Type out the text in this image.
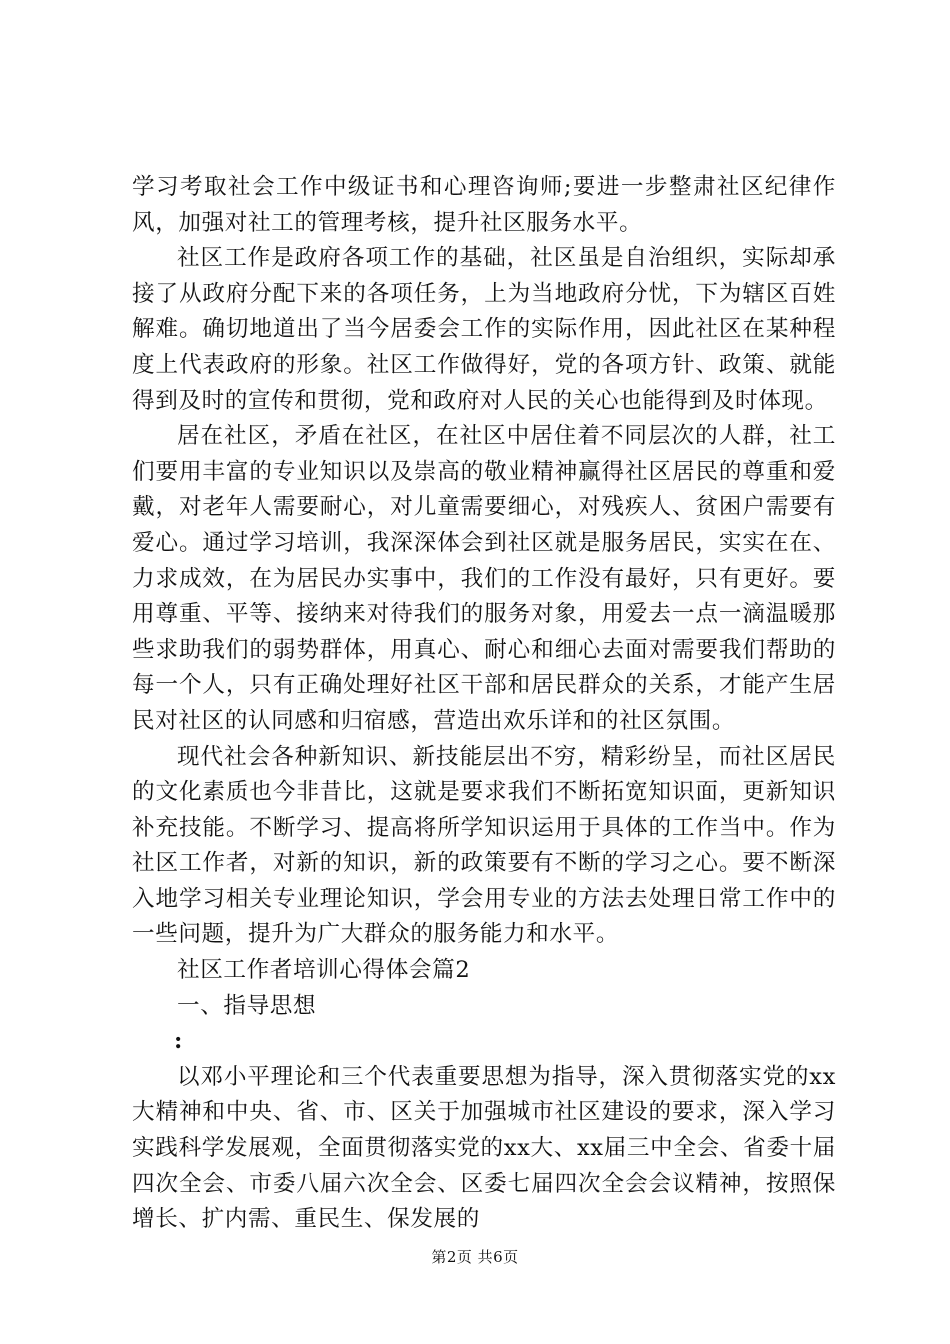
学习考取社会工作中级证书和心理咨询师;要进一步整肃社区纪律作风，加强对社工的管理考核，提升社区服务水平。

社区工作是政府各项工作的基础，社区虽是自治组织，实际却承接了从政府分配下来的各项任务，上为当地政府分忧，下为辖区百姓解难。确切地道出了当今居委会工作的实际作用，因此社区在某种程度上代表政府的形象。社区工作做得好，党的各项方针、政策、就能得到及时的宣传和贯彻，党和政府对人民的关心也能得到及时体现。

居在社区，矛盾在社区，在社区中居住着不同层次的人群，社工们要用丰富的专业知识以及崇高的敬业精神赢得社区居民的尊重和爱戴，对老年人需要耐心，对儿童需要细心，对残疾人、贫困户需要有爱心。通过学习培训，我深深体会到社区就是服务居民，实实在在、力求成效，在为居民办实事中，我们的工作没有最好，只有更好。要用尊重、平等、接纳来对待我们的服务对象，用爱去一点一滴温暖那些求助我们的弱势群体，用真心、耐心和细心去面对需要我们帮助的每一个人，只有正确处理好社区干部和居民群众的关系，才能产生居民对社区的认同感和归宿感，营造出欢乐详和的社区氛围。

现代社会各种新知识、新技能层出不穷，精彩纷呈，而社区居民的文化素质也今非昔比，这就是要求我们不断拓宽知识面，更新知识补充技能。不断学习、提高将所学知识运用于具体的工作当中。作为社区工作者，对新的知识，新的政策要有不断的学习之心。要不断深入地学习相关专业理论知识，学会用专业的方法去处理日常工作中的一些问题，提升为广大群众的服务能力和水平。

社区工作者培训心得体会篇2

一、指导思想

:

以邓小平理论和三个代表重要思想为指导，深入贯彻落实党的xx大精神和中央、省、市、区关于加强城市社区建设的要求，深入学习实践科学发展观，全面贯彻落实党的xx大、xx届三中全会、省委十届四次全会、市委八届六次全会、区委七届四次全会会议精神，按照保增长、扩内需、重民生、保发展的

第2页 共6页
